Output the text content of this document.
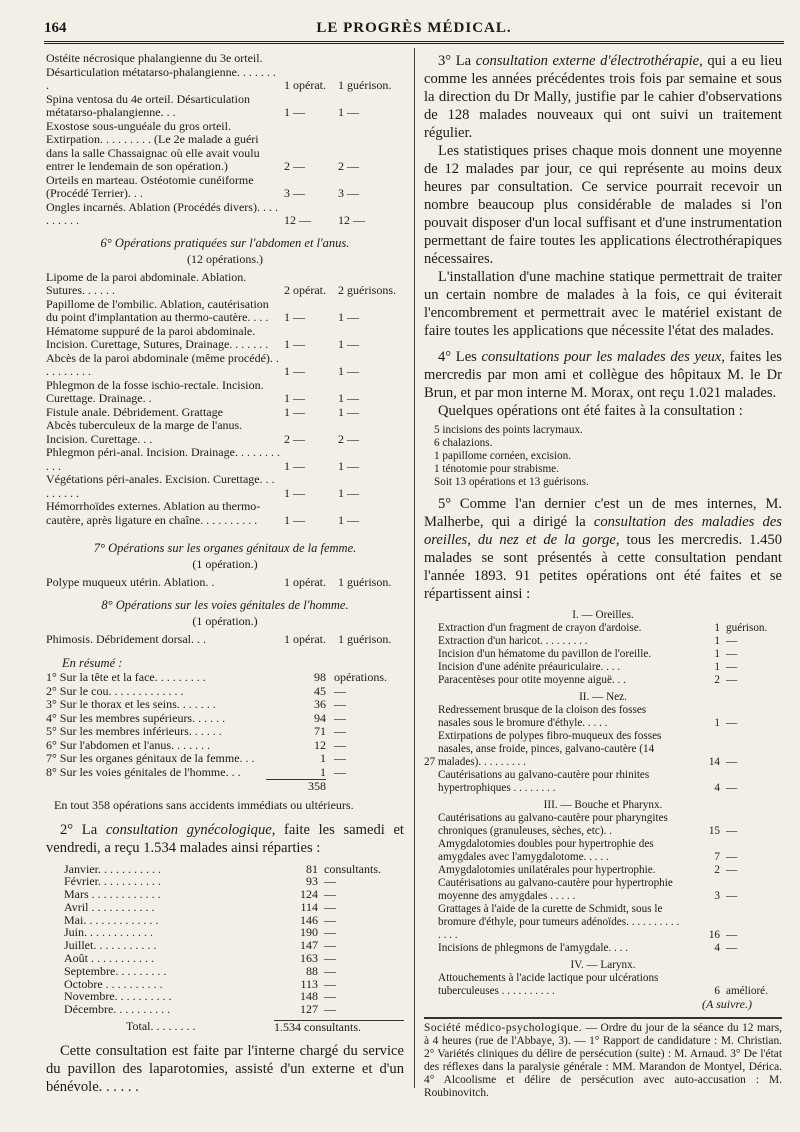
164	LE PROGRÈS MÉDICAL.
Ostéite nécrosique phalangienne du 3e orteil. Désarticulation métatarso-phalangienne. . . . . . . .	1 opérat.	1 guérison.
Spina ventosa du 4e orteil. Désarticulation métatarso-phalangienne. . .	1 —	1 —
Exostose sous-unguéale du gros orteil. Extirpation. . . . . . . . . (Le 2e malade a guéri dans la salle Chassaignac où elle avait voulu entrer le lendemain de son opération.)	2 —	2 —
Orteils en marteau. Ostéotomie cunéiforme (Procédé Terrier). . .	3 —	3 —
Ongles incarnés. Ablation (Procédés divers). . . . . . . . . .	12 —	12 —
6° Opérations pratiquées sur l'abdomen et l'anus.
(12 opérations.)
Lipome de la paroi abdominale. Ablation. Sutures. . . . . .	2 opérat.	2 guérisons.
Papillome de l'ombilic. Ablation, cautérisation du point d'implantation au thermo-cautère. . . .	1 —	1 —
Hématome suppuré de la paroi abdominale. Incision. Curettage, Sutures, Drainage. . . . . . .	1 —	1 —
Abcès de la paroi abdominale (même procédé). . . . . . . . . .	1 —	1 —
Phlegmon de la fosse ischio-rectale. Incision. Curettage. Drainage. .	1 —	1 —
Fistule anale. Débridement. Grattage	1 —	1 —
Abcès tuberculeux de la marge de l'anus. Incision. Curettage. . .	2 —	2 —
Phlegmon péri-anal. Incision. Drainage. . . . . . . . . . .	1 —	1 —
Végétations péri-anales. Excision. Curettage. . . . . . . . .	1 —	1 —
Hémorrhoïdes externes. Ablation au thermo-cautère, après ligature en chaîne. . . . . . . . . .	1 —	1 —
7° Opérations sur les organes génitaux de la femme.
(1 opération.)
Polype muqueux utérin. Ablation. .	1 opérat.	1 guérison.
8° Opérations sur les voies génitales de l'homme.
(1 opération.)
Phimosis. Débridement dorsal. . .	1 opérat.	1 guérison.
En résumé :
1° Sur la tête et la face. . . . . . . . .	98 opérations.
2° Sur le cou. . . . . . . . . . . . .	45 —
3° Sur le thorax et les seins. . . . . . .	36 —
4° Sur les membres supérieurs. . . . . .	94 —
5° Sur les membres inférieurs. . . . . .	71 —
6° Sur l'abdomen et l'anus. . . . . . .	12 —
7° Sur les organes génitaux de la femme. . .	1 —
8° Sur les voies génitales de l'homme. . .	1 —
358
En tout 358 opérations sans accidents immédiats ou ultérieurs.

2° La consultation gynécologique, faite les samedi et vendredi, a reçu 1.534 malades ainsi réparties :

Janvier. . . . . . . . . . .	81 consultants.
Février. . . . . . . . . . .	93 —
Mars . . . . . . . . . . . .	124 —
Avril . . . . . . . . . . .	114 —
Mai. . . . . . . . . . . . .	146 —
Juin. . . . . . . . . . . .	190 —
Juillet. . . . . . . . . . .	147 —
Août . . . . . . . . . . .	163 —
Septembre. . . . . . . . .	88 —
Octobre . . . . . . . . . .	113 —
Novembre. . . . . . . . . .	148 —
Décembre. . . . . . . . . .	127 —
Total. . . . . . . .	1.534 consultants.

Cette consultation est faite par l'interne chargé du service du pavillon des laparotomies, assisté d'un externe et d'un bénévole. . . . . .

3° La consultation externe d'électrothérapie, qui a eu lieu comme les années précédentes trois fois par semaine et sous la direction du Dr Mally, justifie par le cahier d'observations de 128 malades nouveaux qui ont suivi un traitement régulier.

Les statistiques prises chaque mois donnent une moyenne de 12 malades par jour, ce qui représente au moins deux heures par consultation. Ce service pourrait recevoir un nombre beaucoup plus considérable de malades si l'on pouvait disposer d'un local suffisant et d'une instrumentation permettant de faire toutes les applications électrothérapiques nécessaires.

L'installation d'une machine statique permettrait de traiter un certain nombre de malades à la fois, ce qui éviterait l'encombrement et permettrait avec le matériel existant de faire toutes les applications que nécessite l'état des malades.

4° Les consultations pour les malades des yeux, faites les mercredis par mon ami et collègue des hôpitaux M. le Dr Brun, et par mon interne M. Morax, ont reçu 1.021 malades.

Quelques opérations ont été faites à la consultation :

5 incisions des points lacrymaux.
6 chalazions.
1 papillome cornéen, excision.
1 ténotomie pour strabisme.
Soit 13 opérations et 13 guérisons.

5° Comme l'an dernier c'est un de mes internes, M. Malherbe, qui a dirigé la consultation des maladies des oreilles, du nez et de la gorge, tous les mercredis. 1.450 malades se sont présentés à cette consultation pendant l'année 1893. 91 petites opérations ont été faites et se répartissent ainsi :

I. — Oreilles.
Extraction d'un fragment de crayon d'ardoise.	1 guérison.
Extraction d'un haricot. . . . . . . . .	1 —
Incision d'un hématome du pavillon de l'oreille.	1 —
Incision d'une adénite préauriculaire. . . .	1 —
Paracentèses pour otite moyenne aiguë. . .	2 —
II. — Nez.
Redressement brusque de la cloison des fosses nasales sous le bromure d'éthyle. . . . .	1 —
27
Extirpations de polypes fibro-muqueux des fosses nasales, anse froide, pinces, galvano-cautère (14 malades). . . . . . . . .	14 —
Cautérisations au galvano-cautère pour rhinites hypertrophiques . . . . . . . .	4 —
III. — Bouche et Pharynx.
Cautérisations au galvano-cautère pour pharyngites chroniques (granuleuses, sèches, etc). .	15 —
Amygdalotomies doubles pour hypertrophie des amygdales avec l'amygdalotome. . . . .	7 —
Amygdalotomies unilatérales pour hypertrophie.	2 —
Cautérisations au galvano-cautère pour hypertrophie moyenne des amygdales . . . . .	3 —
Grattages à l'aide de la curette de Schmidt, sous le bromure d'éthyle, pour tumeurs adénoïdes. . . . . . . . . . . . . .	16 —
Incisions de phlegmons de l'amygdale. . . .	4 —
IV. — Larynx.
Attouchements à l'acide lactique pour ulcérations tuberculeuses . . . . . . . . . .	6 amélioré.
(A suivre.)
Société médico-psychologique. — Ordre du jour de la séance du 12 mars, à 4 heures (rue de l'Abbaye, 3). — 1° Rapport de candidature : M. Christian. 2° Variétés cliniques du délire de persécution (suite) : M. Arnaud. 3° De l'état des réflexes dans la paralysie générale : MM. Marandon de Montyel, Dérica. 4° Alcoolisme et délire de persécution avec auto-accusation : M. Roubinovitch.
